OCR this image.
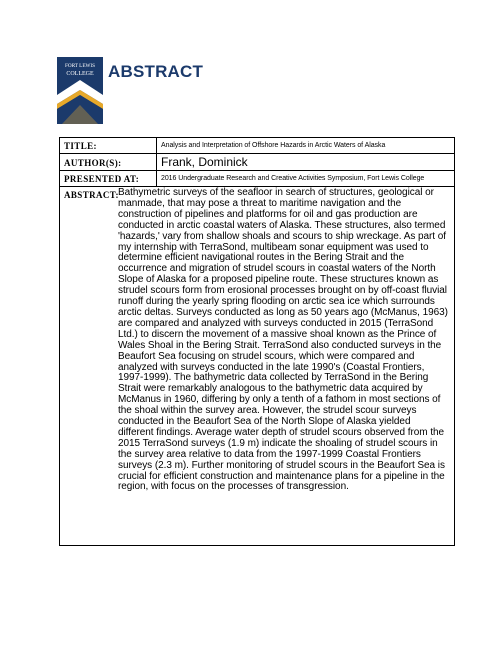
FORT LEWIS
COLLEGE ABSTRACT
TITLE:	Analysis and Interpretation of Offshore Hazards in Arctic Waters of Alaska
AUTHOR(S):	Frank, Dominick
PRESENTED AT:	2016 Undergraduate Research and Creative Activities Symposium, Fort Lewis College
ABSTRACT: Bathymetric surveys of the seafloor in search of structures, geological or manmade, that may pose a threat to maritime navigation and the construction of pipelines and platforms for oil and gas production are conducted in arctic coastal waters of Alaska. These structures, also termed 'hazards,' vary from shallow shoals and scours to ship wreckage. As part of my internship with TerraSond, multibeam sonar equipment was used to determine efficient navigational routes in the Bering Strait and the occurrence and migration of strudel scours in coastal waters of the North Slope of Alaska for a proposed pipeline route. These structures known as strudel scours form from erosional processes brought on by off-coast fluvial runoff during the yearly spring flooding on arctic sea ice which surrounds arctic deltas. Surveys conducted as long as 50 years ago (McManus, 1963) are compared and analyzed with surveys conducted in 2015 (TerraSond Ltd.) to discern the movement of a massive shoal known as the Prince of Wales Shoal in the Bering Strait. TerraSond also conducted surveys in the Beaufort Sea focusing on strudel scours, which were compared and analyzed with surveys conducted in the late 1990's (Coastal Frontiers, 1997-1999). The bathymetric data collected by TerraSond in the Bering Strait were remarkably analogous to the bathymetric data acquired by McManus in 1960, differing by only a tenth of a fathom in most sections of the shoal within the survey area. However, the strudel scour surveys conducted in the Beaufort Sea of the North Slope of Alaska yielded different findings. Average water depth of strudel scours observed from the 2015 TerraSond surveys (1.9 m) indicate the shoaling of strudel scours in the survey area relative to data from the 1997-1999 Coastal Frontiers surveys (2.3 m). Further monitoring of strudel scours in the Beaufort Sea is crucial for efficient construction and maintenance plans for a pipeline in the region, with focus on the processes of transgression.
